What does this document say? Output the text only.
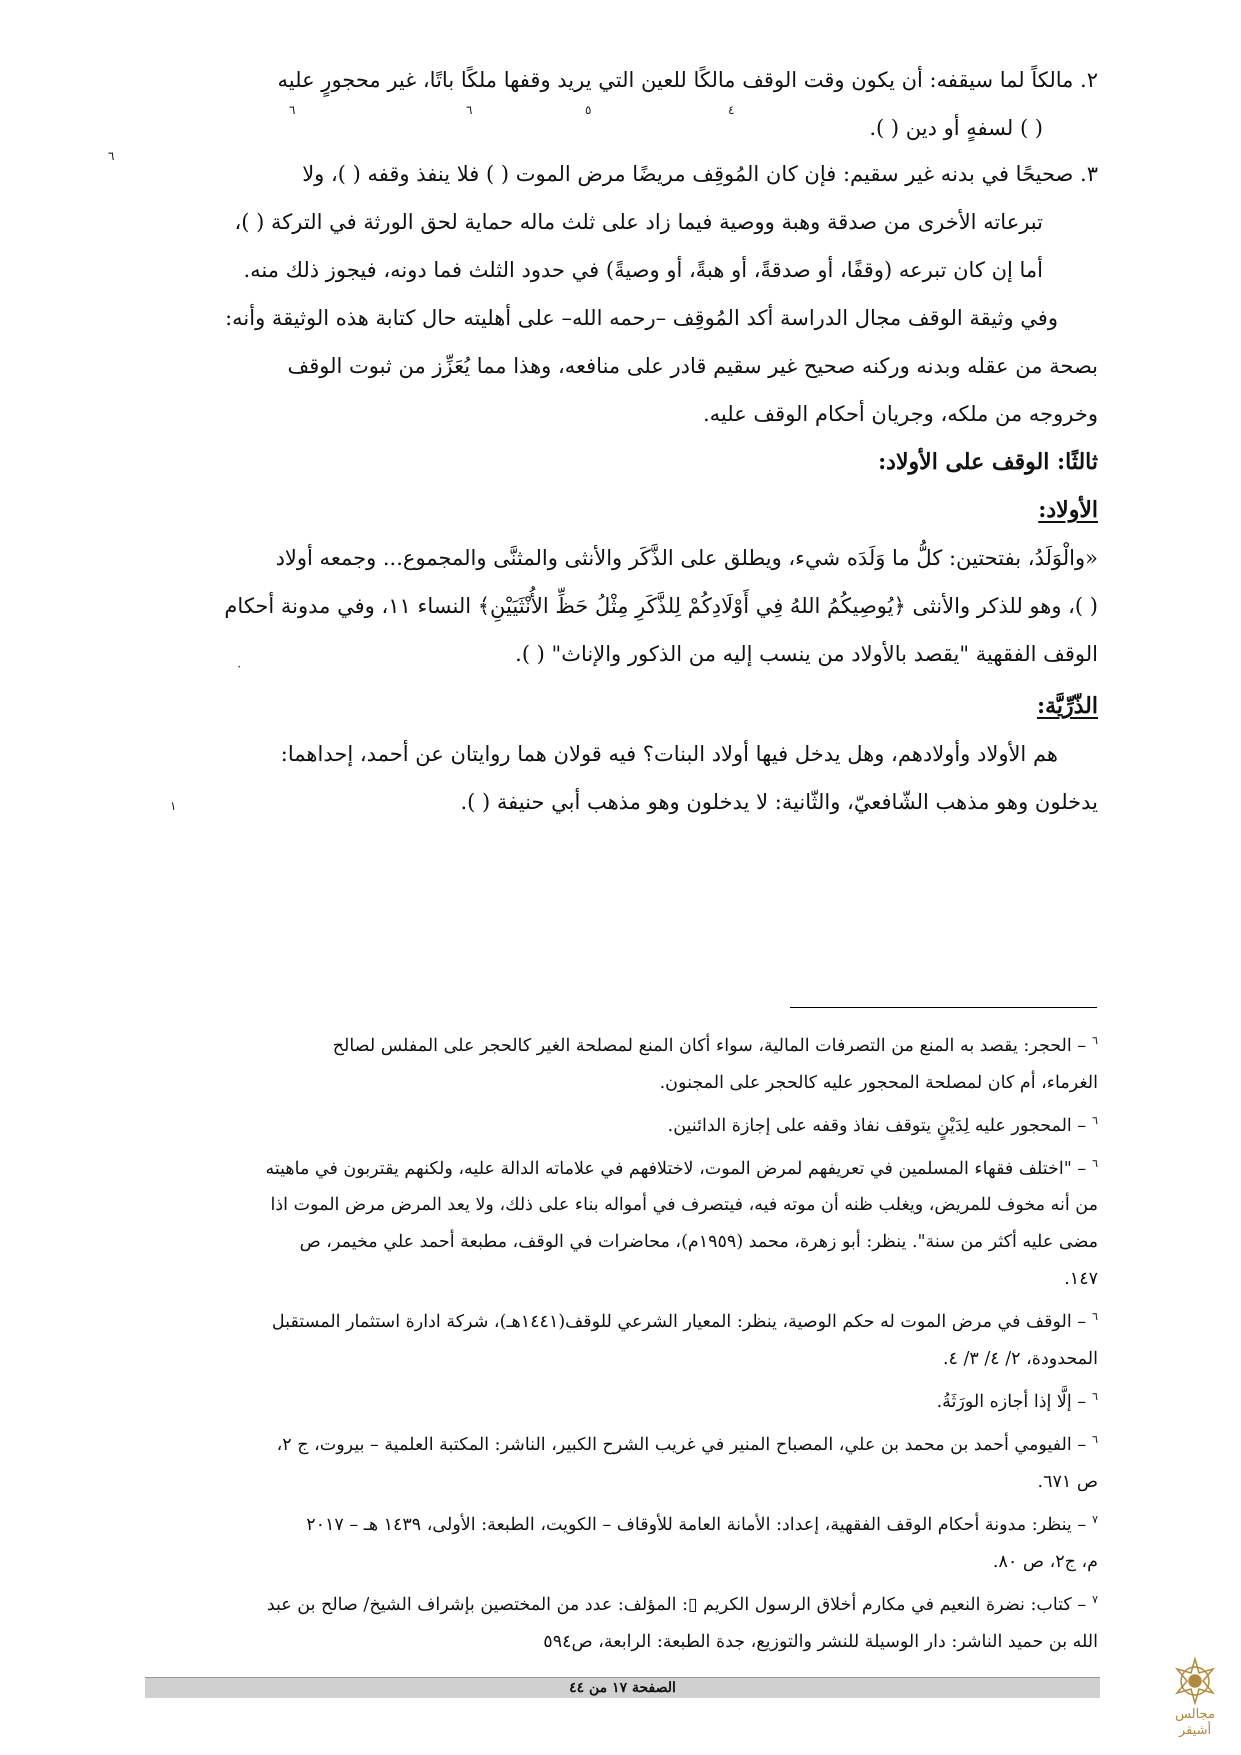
٢. مالكاً لما سيقفه: أن يكون وقت الوقف مالكًا للعين التي يريد وقفها ملكًا باتًا، غير محجورٍ عليه
( ) لسفهٍ أو دين ( ).
٦	٦	٥	٤
٣. صحيحًا في بدنه غير سقيم: فإن كان المُوقِف مريضًا مرض الموت ( ) فلا ينفذ وقفه ( )، ولا
تبرعاته الأخرى من صدقة وهبة ووصية فيما زاد على ثلث ماله حماية لحق الورثة في التركة ( )،
أما إن كان تبرعه (وقفًا، أو صدقةً، أو هبةً، أو وصيةً) في حدود الثلث فما دونه، فيجوز ذلك منه.
٦
وفي وثيقة الوقف مجال الدراسة أكد المُوقِف –رحمه الله– على أهليته حال كتابة هذه الوثيقة وأنه:
بصحة من عقله وبدنه وركنه صحيح غير سقيم قادر على منافعه، وهذا مما يُعَزِّز من ثبوت الوقف
وخروجه من ملكه، وجريان أحكام الوقف عليه.
ثالثًا: الوقف على الأولاد:
الأولاد:
«والْوَلَدُ، بفتحتين: كلُّ ما وَلَدَه شيء، ويطلق على الذَّكَر والأنثى والمثنَّى والمجموع... وجمعه أولاد
( )، وهو للذكر والأنثى ﴿يُوصِيكُمُ اللهُ فِي أَوْلَادِكُمْ لِلذَّكَرِ مِثْلُ حَظِّ الأُنْثَيَيْنِ﴾ النساء ١١، وفي مدونة أحكام
الوقف الفقهية "يقصد بالأولاد من ينسب إليه من الذكور والإناث" ( ).
٠
الذّرِّيَّة:
هم الأولاد وأولادهم، وهل يدخل فيها أولاد البنات؟ فيه قولان هما روايتان عن أحمد، إحداهما:
يدخلون وهو مذهب الشّافعيّ، والثّانية: لا يدخلون وهو مذهب أبي حنيفة ( ).
١
$^٦$– الحجر: يقصد به المنع من التصرفات المالية، سواء أكان المنع لمصلحة الغير كالحجر على المفلس لصالح
الغرماء، أم كان لمصلحة المحجور عليه كالحجر على المجنون.
$^٦$– المحجور عليه لِدَيْنٍ يتوقف نفاذ وقفه على إجازة الدائنين.
$^٦$– "اختلف فقهاء المسلمين في تعريفهم لمرض الموت، لاختلافهم في علاماته الدالة عليه، ولكنهم يقتربون في ماهيته
من أنه مخوف للمريض، ويغلب ظنه أن موته فيه، فيتصرف في أمواله بناء على ذلك، ولا يعد المرض مرض الموت اذا
مضى عليه أكثر من سنة". ينظر: أبو زهرة، محمد (١٩٥٩م)، محاضرات في الوقف، مطبعة أحمد علي مخيمر، ص
١٤٧.
$^٦$– الوقف في مرض الموت له حكم الوصية، ينظر: المعيار الشرعي للوقف(١٤٤١هـ)، شركة ادارة استثمار المستقبل
المحدودة، ٢/ ٤/ ٣/ ٤.
$^٦$– إلَّا إذا أجازه الورَثَةُ.
$^٦$– الفيومي أحمد بن محمد بن علي، المصباح المنير في غريب الشرح الكبير، الناشر: المكتبة العلمية – بيروت، ج ٢،
ص ٦٧١.
$^٧$– ينظر: مدونة أحكام الوقف الفقهية، إعداد: الأمانة العامة للأوقاف – الكويت، الطبعة: الأولى، ١٤٣٩ هـ – ٢٠١٧
م، ج٢، ص ٨٠.
$^٧$– كتاب: نضرة النعيم في مكارم أخلاق الرسول الكريم ▯: المؤلف: عدد من المختصين بإشراف الشيخ/ صالح بن عبد
الله بن حميد الناشر: دار الوسيلة للنشر والتوزيع، جدة الطبعة: الرابعة، ص٥٩٤
الصفحة ١٧ من ٤٤
مجالس أشيقر
